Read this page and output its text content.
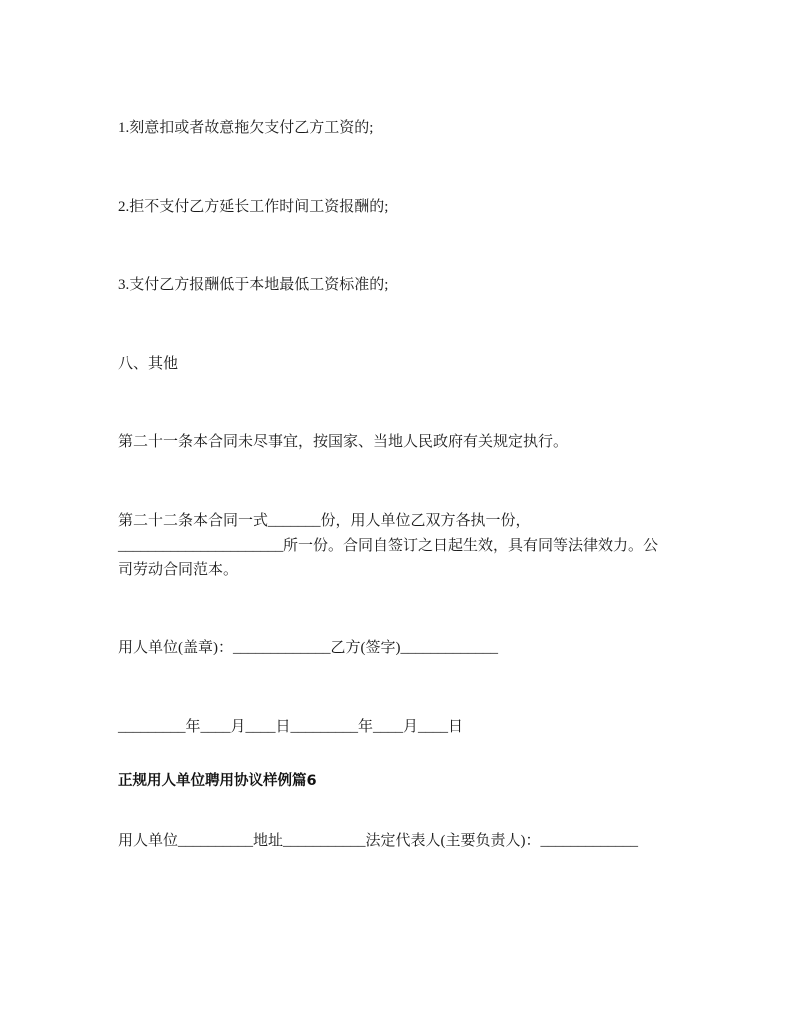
1.刻意扣或者故意拖欠支付乙方工资的;
2.拒不支付乙方延长工作时间工资报酬的;
3.支付乙方报酬低于本地最低工资标准的;
八、其他
第二十一条本合同未尽事宜，按国家、当地人民政府有关规定执行。
第二十二条本合同一式_______份，用人单位乙双方各执一份，
______________________所一份。合同自签订之日起生效，具有同等法律效力。公
司劳动合同范本。
用人单位(盖章)：_____________乙方(签字)_____________
_________年____月____日_________年____月____日
正规用人单位聘用协议样例篇6
用人单位__________地址___________法定代表人(主要负责人)：_____________
